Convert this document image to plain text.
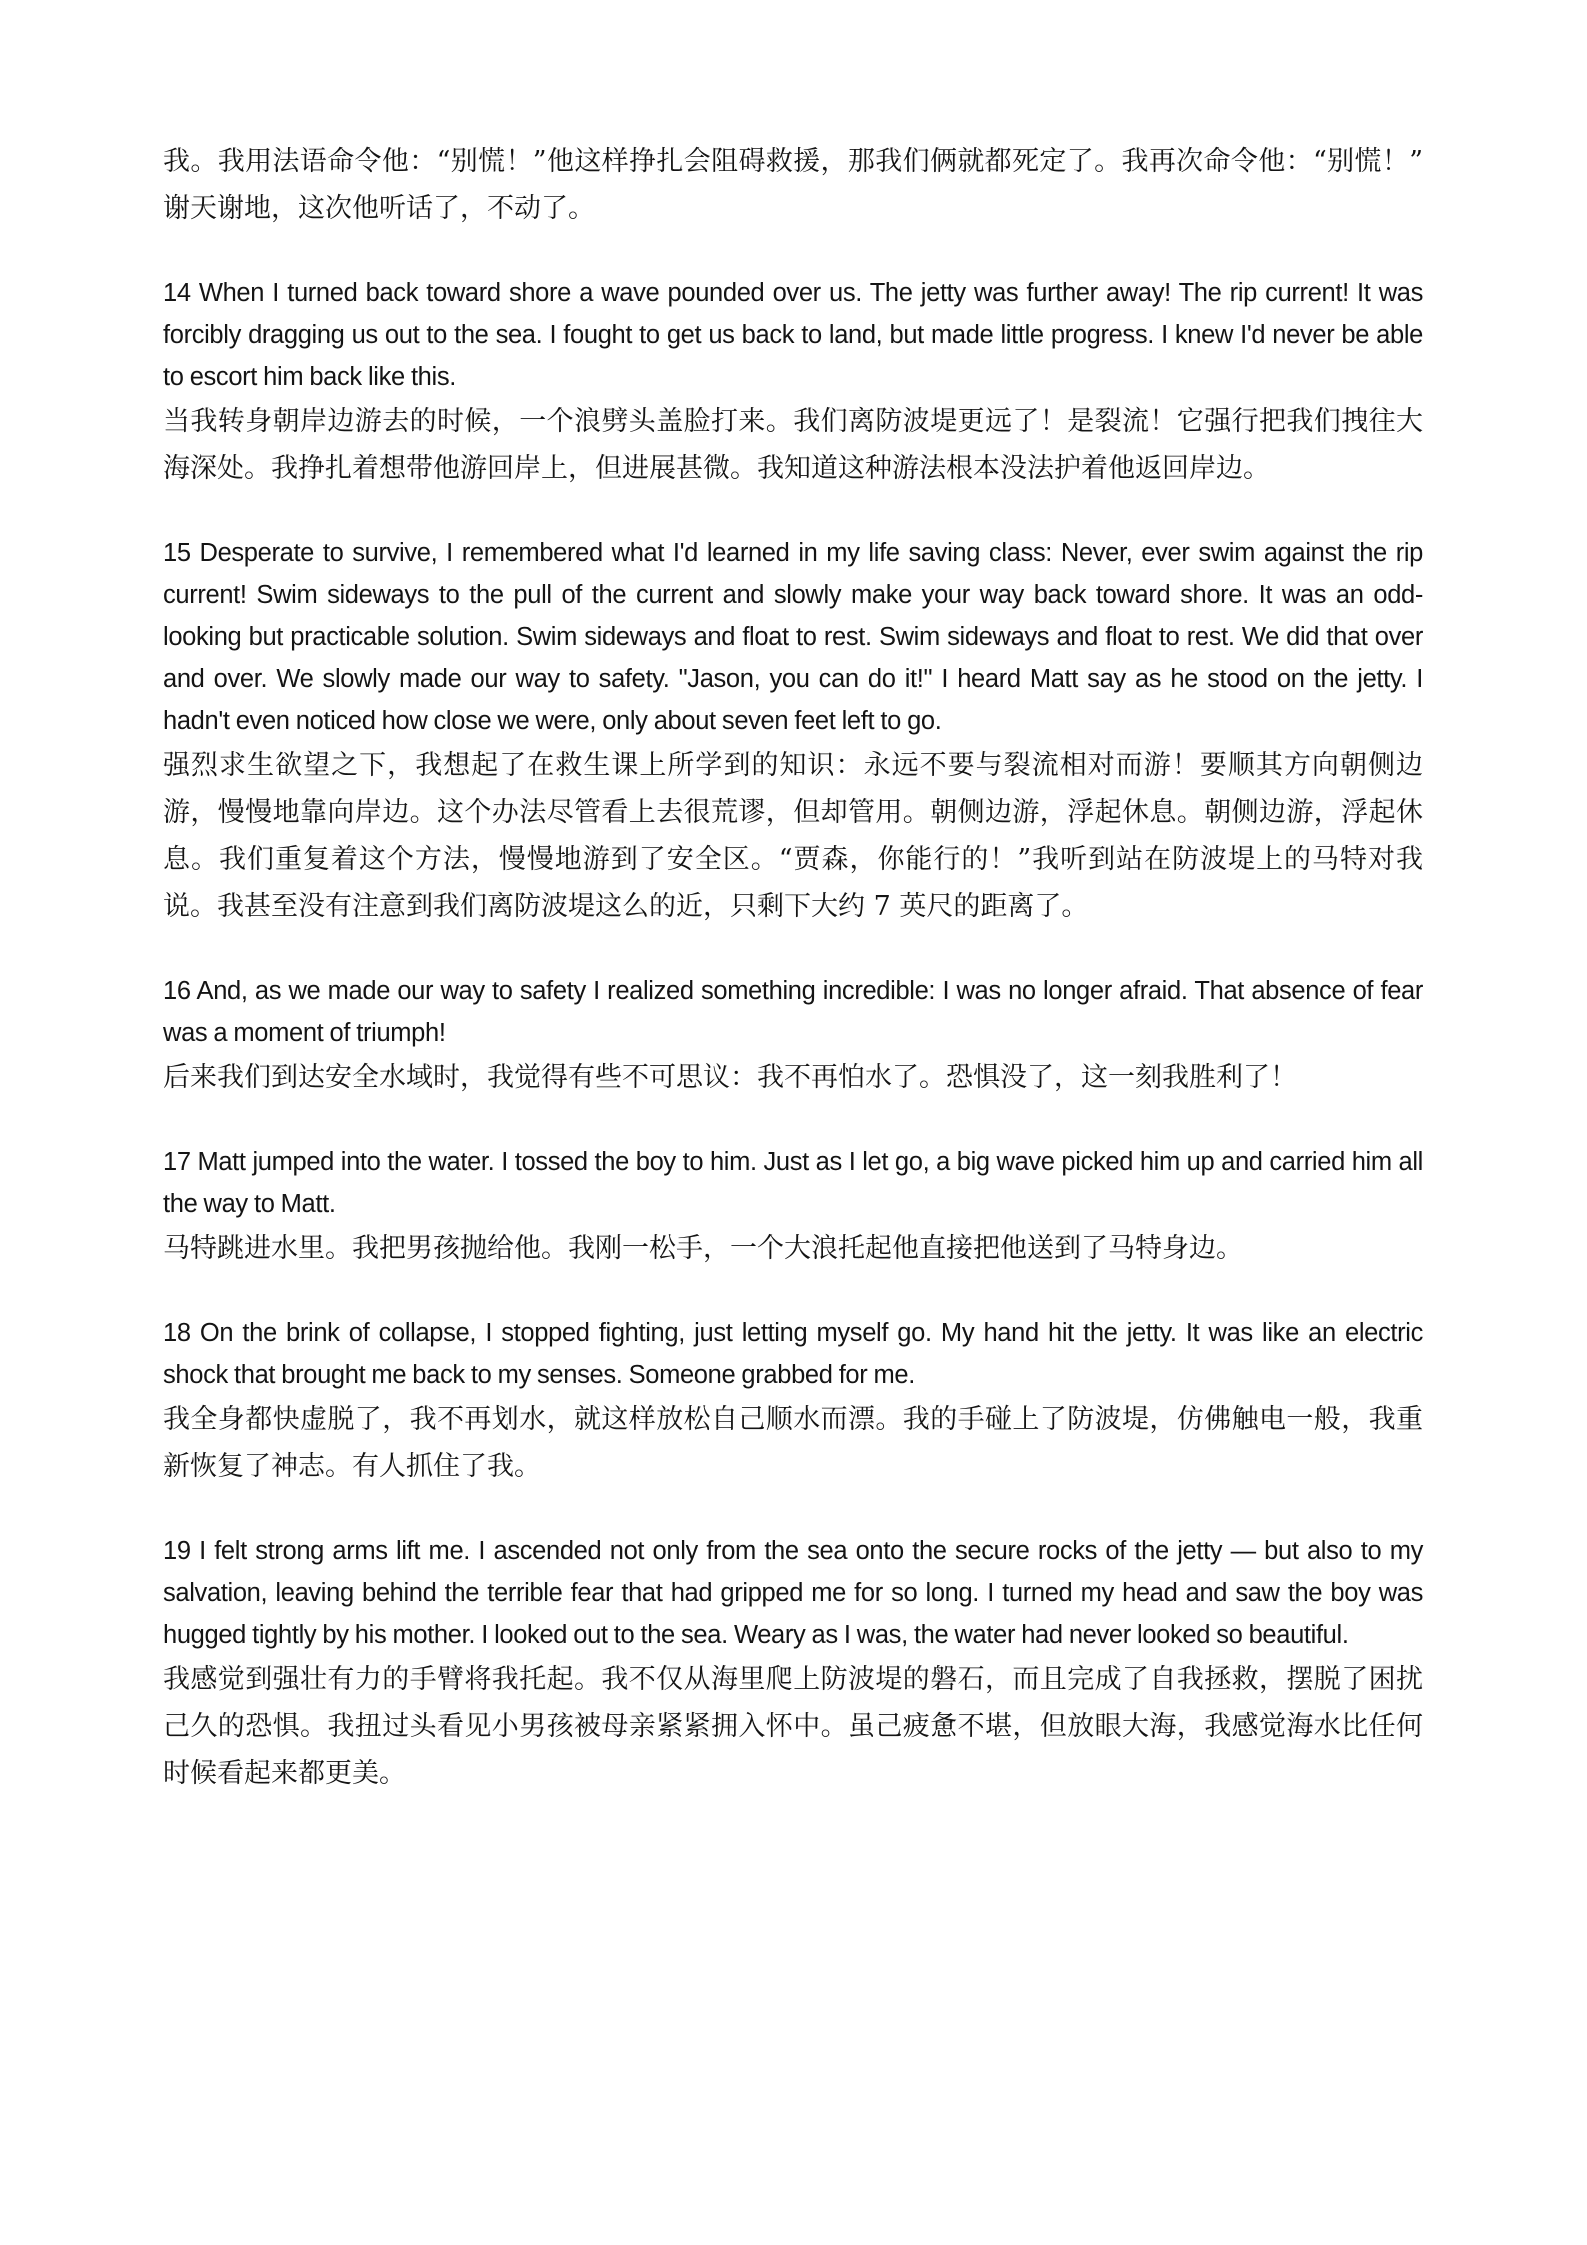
我。我用法语命令他：“别慌！”他这样挣扎会阻碍救援，那我们俩就都死定了。我再次命令他：“别慌！”谢天谢地，这次他听话了，不动了。

14 When I turned back toward shore a wave pounded over us. The jetty was further away! The rip current! It was forcibly dragging us out to the sea. I fought to get us back to land, but made little progress. I knew I'd never be able to escort him back like this.

当我转身朝岸边游去的时候，一个浪劈头盖脸打来。我们离防波堤更远了！是裂流！它强行把我们拽往大海深处。我挣扎着想带他游回岸上，但进展甚微。我知道这种游法根本没法护着他返回岸边。

15 Desperate to survive, I remembered what I'd learned in my life saving class: Never, ever swim against the rip current! Swim sideways to the pull of the current and slowly make your way back toward shore. It was an odd-looking but practicable solution. Swim sideways and float to rest. Swim sideways and float to rest. We did that over and over. We slowly made our way to safety. "Jason, you can do it!" I heard Matt say as he stood on the jetty. I hadn't even noticed how close we were, only about seven feet left to go.

强烈求生欲望之下，我想起了在救生课上所学到的知识：永远不要与裂流相对而游！要顺其方向朝侧边游，慢慢地靠向岸边。这个办法尽管看上去很荒谬，但却管用。朝侧边游，浮起休息。朝侧边游，浮起休息。我们重复着这个方法，慢慢地游到了安全区。“贾森，你能行的！”我听到站在防波堤上的马特对我说。我甚至没有注意到我们离防波堤这么的近，只剩下大约 7 英尺的距离了。

16 And, as we made our way to safety I realized something incredible: I was no longer afraid. That absence of fear was a moment of triumph!

后来我们到达安全水域时，我觉得有些不可思议：我不再怕水了。恐惧没了，这一刻我胜利了！

17 Matt jumped into the water. I tossed the boy to him. Just as I let go, a big wave picked him up and carried him all the way to Matt.

马特跳进水里。我把男孩抛给他。我刚一松手，一个大浪托起他直接把他送到了马特身边。

18 On the brink of collapse, I stopped fighting, just letting myself go. My hand hit the jetty. It was like an electric shock that brought me back to my senses. Someone grabbed for me.

我全身都快虚脱了，我不再划水，就这样放松自己顺水而漂。我的手碰上了防波堤，仿佛触电一般，我重新恢复了神志。有人抓住了我。

19 I felt strong arms lift me. I ascended not only from the sea onto the secure rocks of the jetty — but also to my salvation, leaving behind the terrible fear that had gripped me for so long. I turned my head and saw the boy was hugged tightly by his mother. I looked out to the sea. Weary as I was, the water had never looked so beautiful.

我感觉到强壮有力的手臂将我托起。我不仅从海里爬上防波堤的磐石，而且完成了自我拯救，摆脱了困扰己久的恐惧。我扭过头看见小男孩被母亲紧紧拥入怀中。虽己疲惫不堪，但放眼大海，我感觉海水比任何时候看起来都更美。
